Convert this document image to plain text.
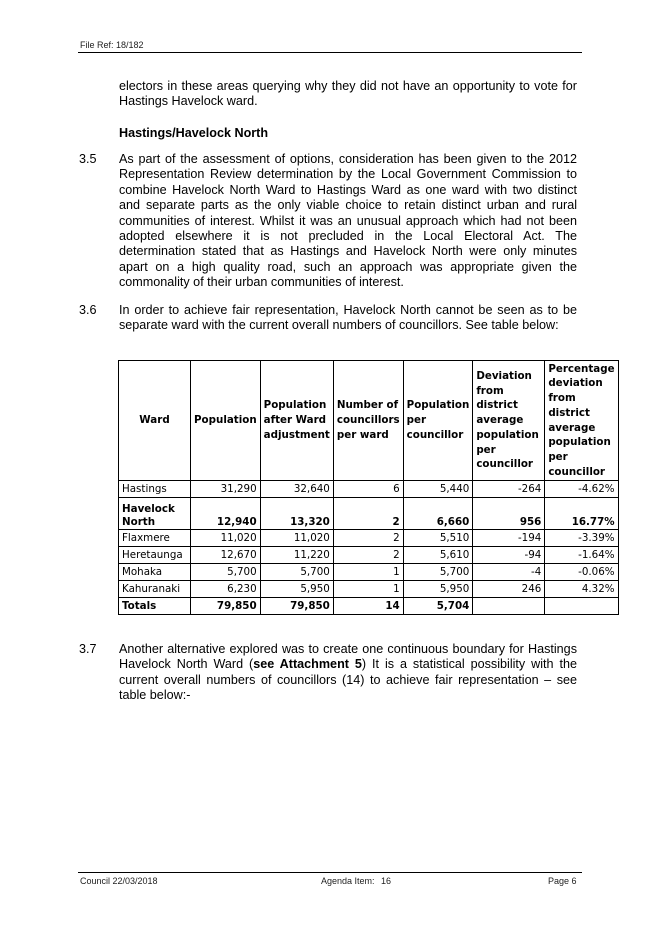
File Ref: 18/182
electors in these areas querying why they did not have an opportunity to vote for Hastings Havelock ward.
Hastings/Havelock North
3.5 As part of the assessment of options, consideration has been given to the 2012 Representation Review determination by the Local Government Commission to combine Havelock North Ward to Hastings Ward as one ward with two distinct and separate parts as the only viable choice to retain distinct urban and rural communities of interest. Whilst it was an unusual approach which had not been adopted elsewhere it is not precluded in the Local Electoral Act. The determination stated that as Hastings and Havelock North were only minutes apart on a high quality road, such an approach was appropriate given the commonality of their urban communities of interest.
3.6 In order to achieve fair representation, Havelock North cannot be seen as to be separate ward with the current overall numbers of councillors. See table below:
Ward	Population	Population after Ward adjustment	Number of councillors per ward	Population per councillor	Deviation from district average population per councillor	Percentage deviation from district average population per councillor
Hastings	31,290	32,640	6	5,440	-264	-4.62%
Havelock North	12,940	13,320	2	6,660	956	16.77%
Flaxmere	11,020	11,020	2	5,510	-194	-3.39%
Heretaunga	12,670	11,220	2	5,610	-94	-1.64%
Mohaka	5,700	5,700	1	5,700	-4	-0.06%
Kahuranaki	6,230	5,950	1	5,950	246	4.32%
Totals	79,850	79,850	14	5,704		
3.7 Another alternative explored was to create one continuous boundary for Hastings Havelock North Ward (see Attachment 5) It is a statistical possibility with the current overall numbers of councillors (14) to achieve fair representation – see table below:-
Council 22/03/2018	Agenda Item: 16	Page 6
